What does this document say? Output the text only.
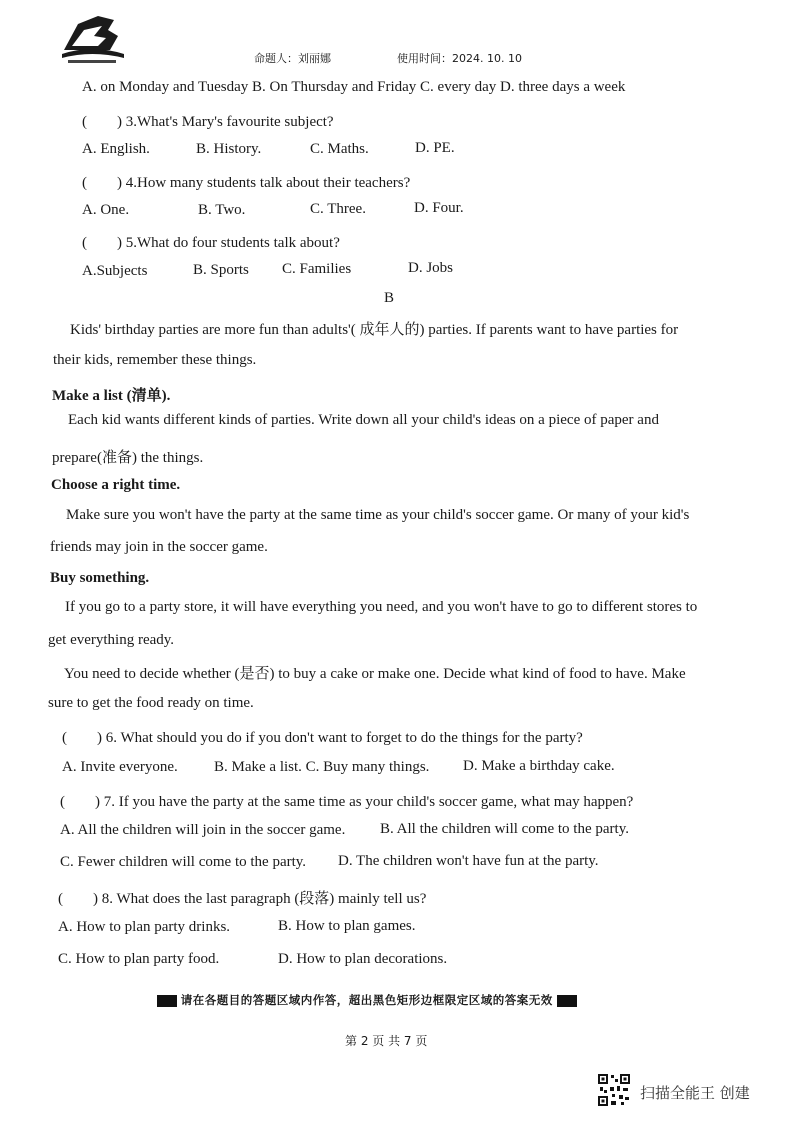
命题人：刘丽娜	使用时间：2024. 10. 10
A. on Monday and Tuesday B. On Thursday and Friday C. every day D. three days a week
(　　) 3.What's Mary's favourite subject?
A. English.	B. History.	C. Maths.	D. PE.
(　　) 4.How many students talk about their teachers?
A. One.	B. Two.	C. Three.	D. Four.
(　　) 5.What do four students talk about?
A.Subjects	B. Sports C. Families	D. Jobs
B
Kids' birthday parties are more fun than adults'( 成年人的) parties. If parents want to have parties for
their kids, remember these things.
Make a list (清单).
Each kid wants different kinds of parties. Write down all your child's ideas on a piece of paper and
prepare(准备) the things.
Choose a right time.
Make sure you won't have the party at the same time as your child's soccer game. Or many of your kid's
friends may join in the soccer game.
Buy something.
If you go to a party store, it will have everything you need, and you won't have to go to different stores to
get everything ready.
You need to decide whether (是否) to buy a cake or make one. Decide what kind of food to have. Make
sure to get the food ready on time.
(　　) 6. What should you do if you don't want to forget to do the things for the party?
A. Invite everyone. B. Make a list. C. Buy many things. D. Make a birthday cake.
(　　) 7. If you have the party at the same time as your child's soccer game, what may happen?
A. All the children will join in the soccer game. B. All the children will come to the party.
C. Fewer children will come to the party. D. The children won't have fun at the party.
(　　) 8. What does the last paragraph (段落) mainly tell us?
A. How to plan party drinks.	B. How to plan games.
C. How to plan party food.	D. How to plan decorations.
请在各题目的答题区域内作答，超出黑色矩形边框限定区域的答案无效
第 2 页 共 7 页
扫描全能王 创建
